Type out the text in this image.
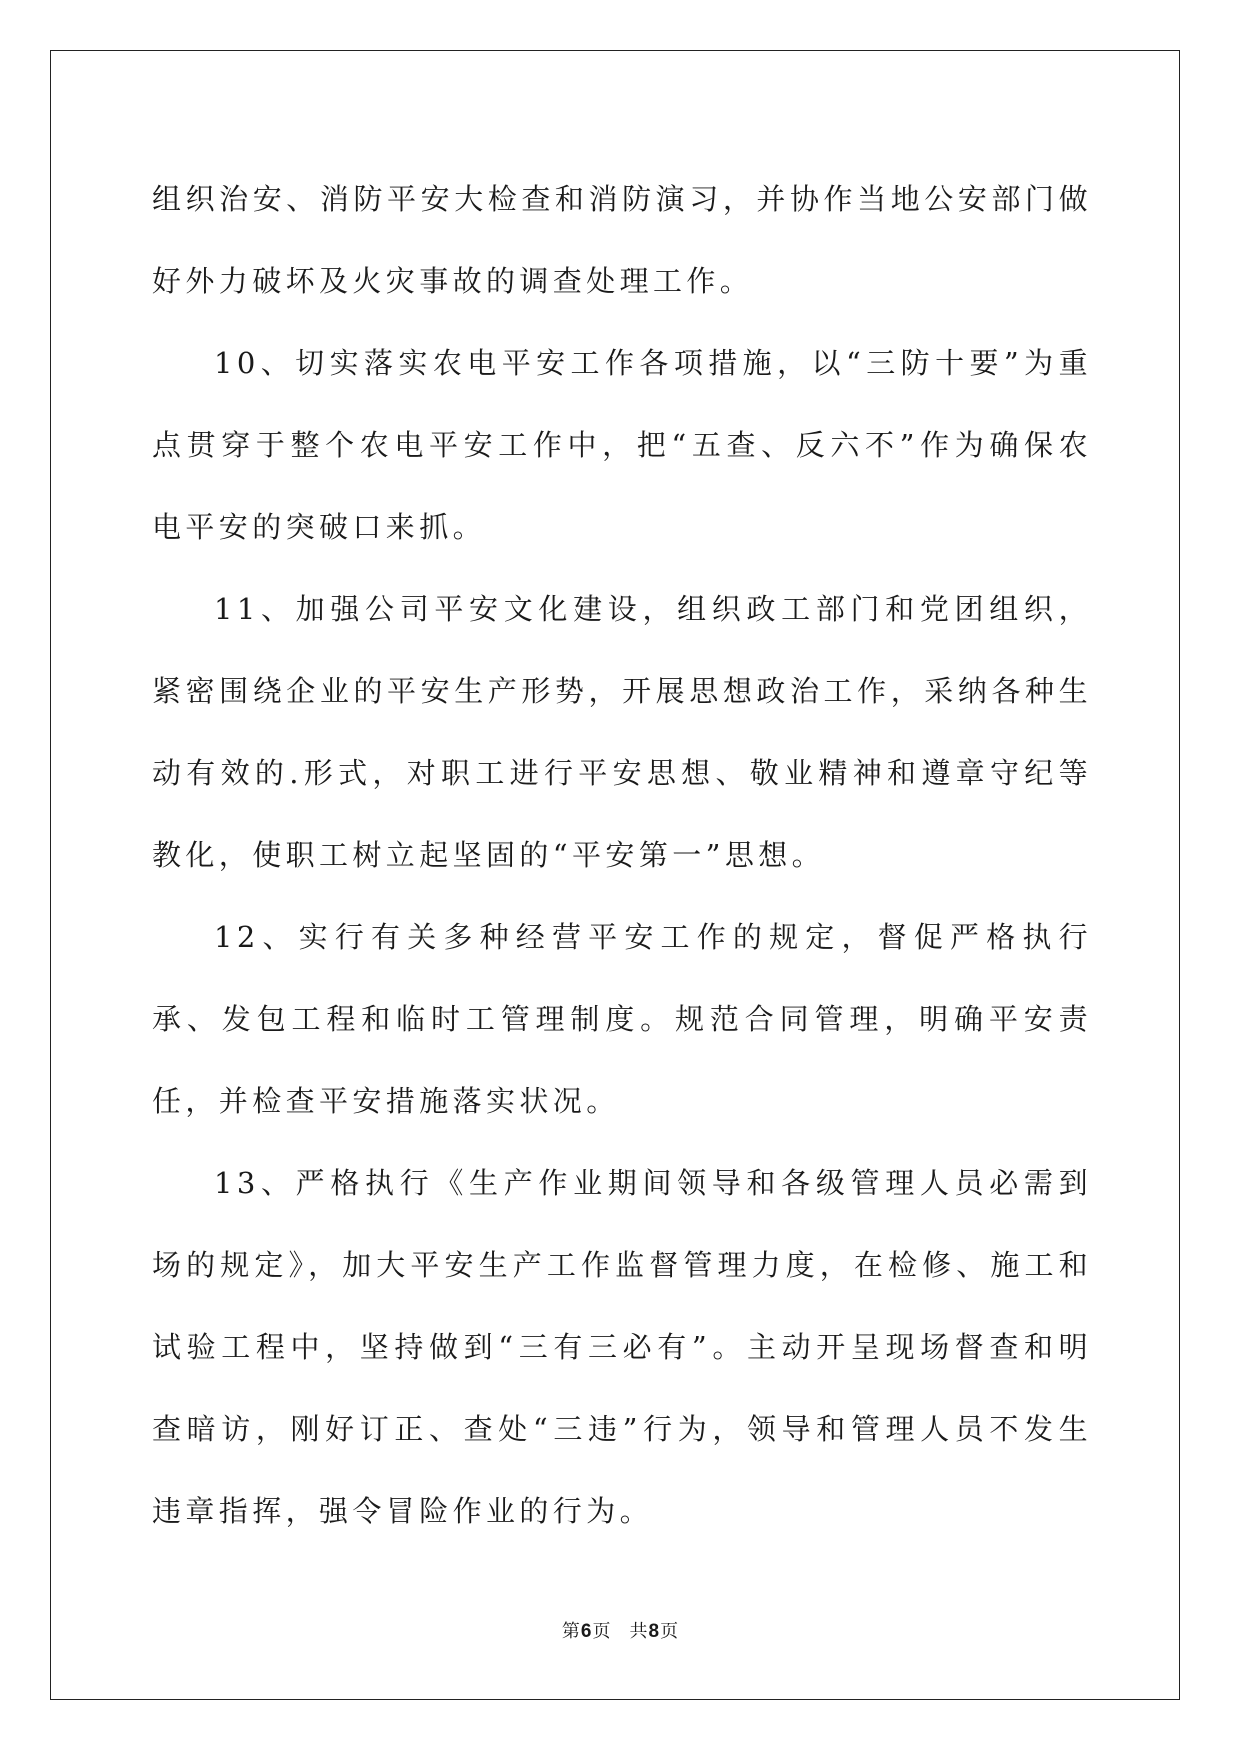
组织治安、消防平安大检查和消防演习，并协作当地公安部门做好外力破坏及火灾事故的调查处理工作。

10、切实落实农电平安工作各项措施，以“三防十要”为重点贯穿于整个农电平安工作中，把“五查、反六不”作为确保农电平安的突破口来抓。

11、加强公司平安文化建设，组织政工部门和党团组织，紧密围绕企业的平安生产形势，开展思想政治工作，采纳各种生动有效的.形式，对职工进行平安思想、敬业精神和遵章守纪等教化，使职工树立起坚固的“平安第一”思想。

12、实行有关多种经营平安工作的规定，督促严格执行承、发包工程和临时工管理制度。规范合同管理，明确平安责任，并检查平安措施落实状况。

13、严格执行《生产作业期间领导和各级管理人员必需到场的规定》，加大平安生产工作监督管理力度，在检修、施工和试验工程中，坚持做到“三有三必有”。主动开呈现场督查和明查暗访，刚好订正、查处“三违”行为，领导和管理人员不发生违章指挥，强令冒险作业的行为。

第6页 共8页
